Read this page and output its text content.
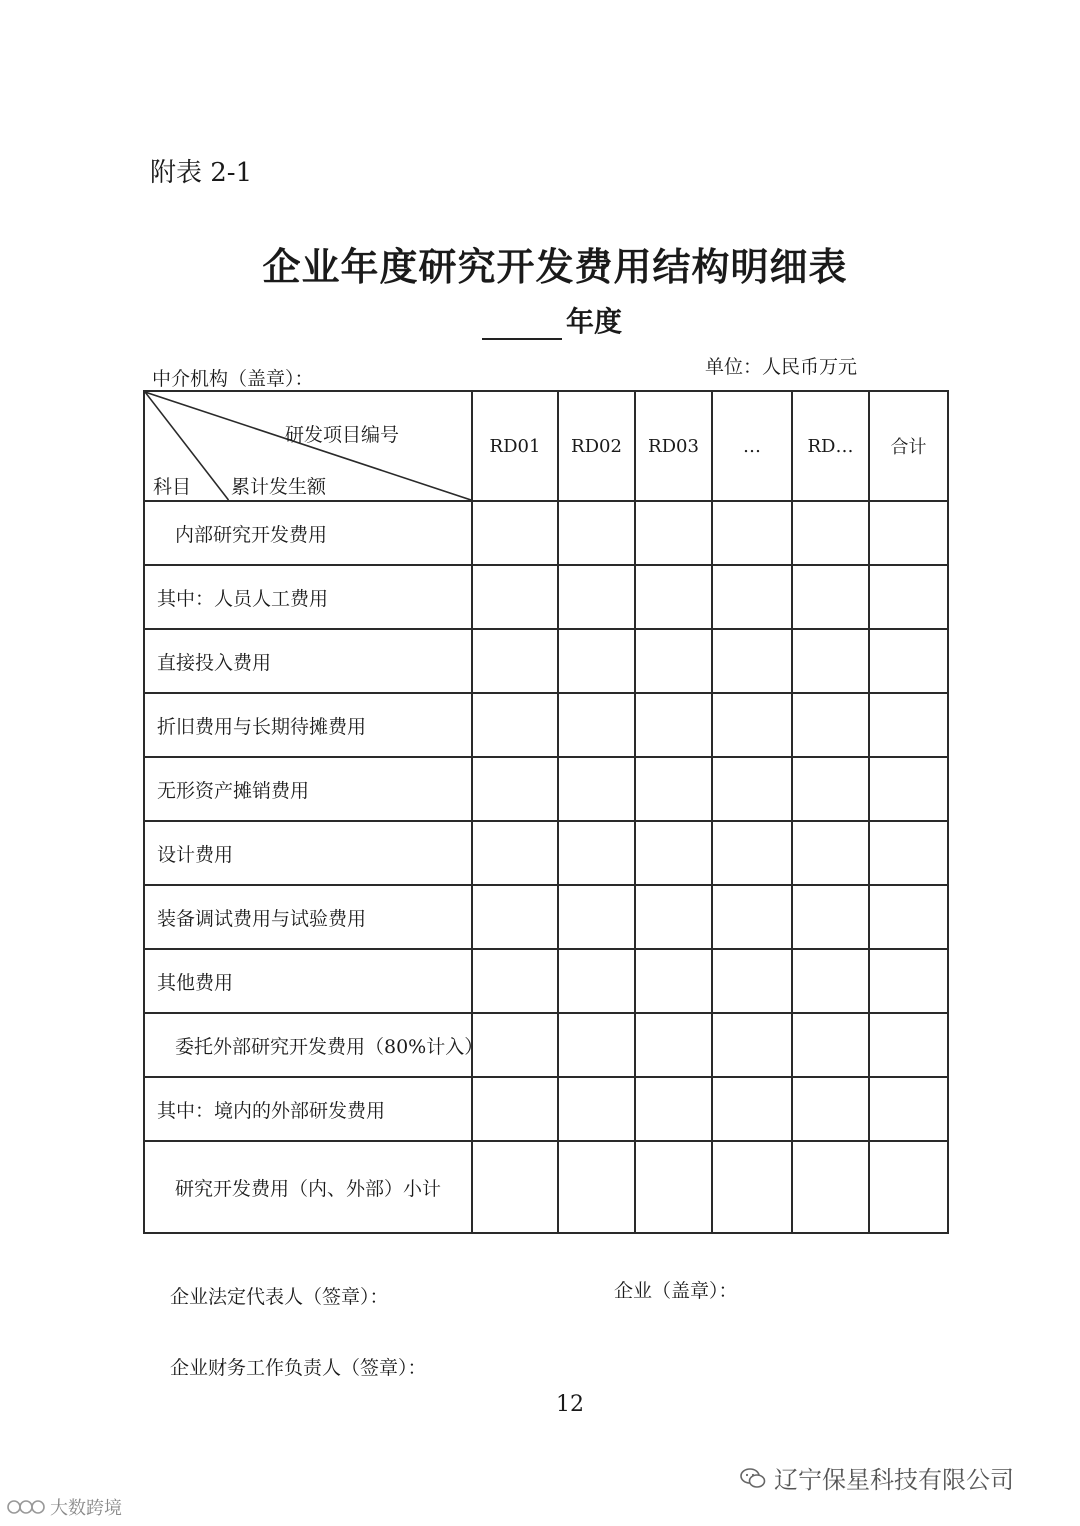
附表 2-1
企业年度研究开发费用结构明细表
年度
中介机构（盖章）：
单位：人民币万元
研发项目编号
累计发生额
科目	RD01	RD02	RD03	…	RD…	合计
内部研究开发费用						
其中：人员人工费用						
直接投入费用						
折旧费用与长期待摊费用						
无形资产摊销费用						
设计费用						
装备调试费用与试验费用						
其他费用						
委托外部研究开发费用（80%计入）						
其中：境内的外部研发费用						
研究开发费用（内、外部）小计						
企业法定代表人（签章）：	企业（盖章）：
企业财务工作负责人（签章）：
12
辽宁保星科技有限公司
大数跨境
